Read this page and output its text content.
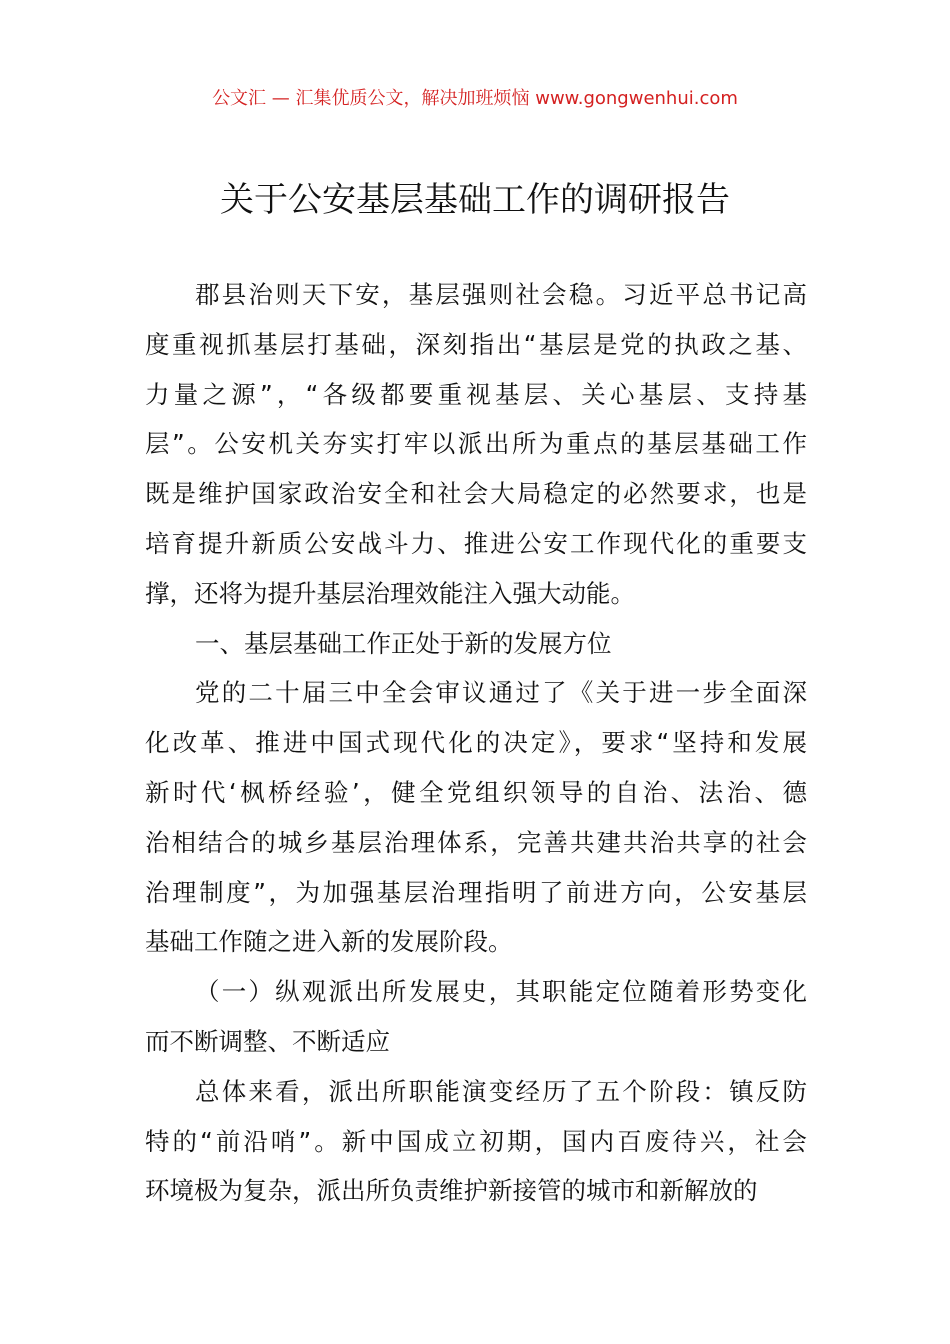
公文汇 — 汇集优质公文，解决加班烦恼 www.gongwenhui.com
关于公安基层基础工作的调研报告
郡县治则天下安，基层强则社会稳。习近平总书记高
度重视抓基层打基础，深刻指出“基层是党的执政之基、
力量之源”，“各级都要重视基层、关心基层、支持基
层”。公安机关夯实打牢以派出所为重点的基层基础工作
既是维护国家政治安全和社会大局稳定的必然要求，也是
培育提升新质公安战斗力、推进公安工作现代化的重要支
撑，还将为提升基层治理效能注入强大动能。
一、基层基础工作正处于新的发展方位
党的二十届三中全会审议通过了《关于进一步全面深
化改革、推进中国式现代化的决定》，要求“坚持和发展
新时代‘枫桥经验’，健全党组织领导的自治、法治、德
治相结合的城乡基层治理体系，完善共建共治共享的社会
治理制度”，为加强基层治理指明了前进方向，公安基层
基础工作随之进入新的发展阶段。
（一）纵观派出所发展史，其职能定位随着形势变化
而不断调整、不断适应
总体来看，派出所职能演变经历了五个阶段：镇反防
特的“前沿哨”。新中国成立初期，国内百废待兴，社会
环境极为复杂，派出所负责维护新接管的城市和新解放的
